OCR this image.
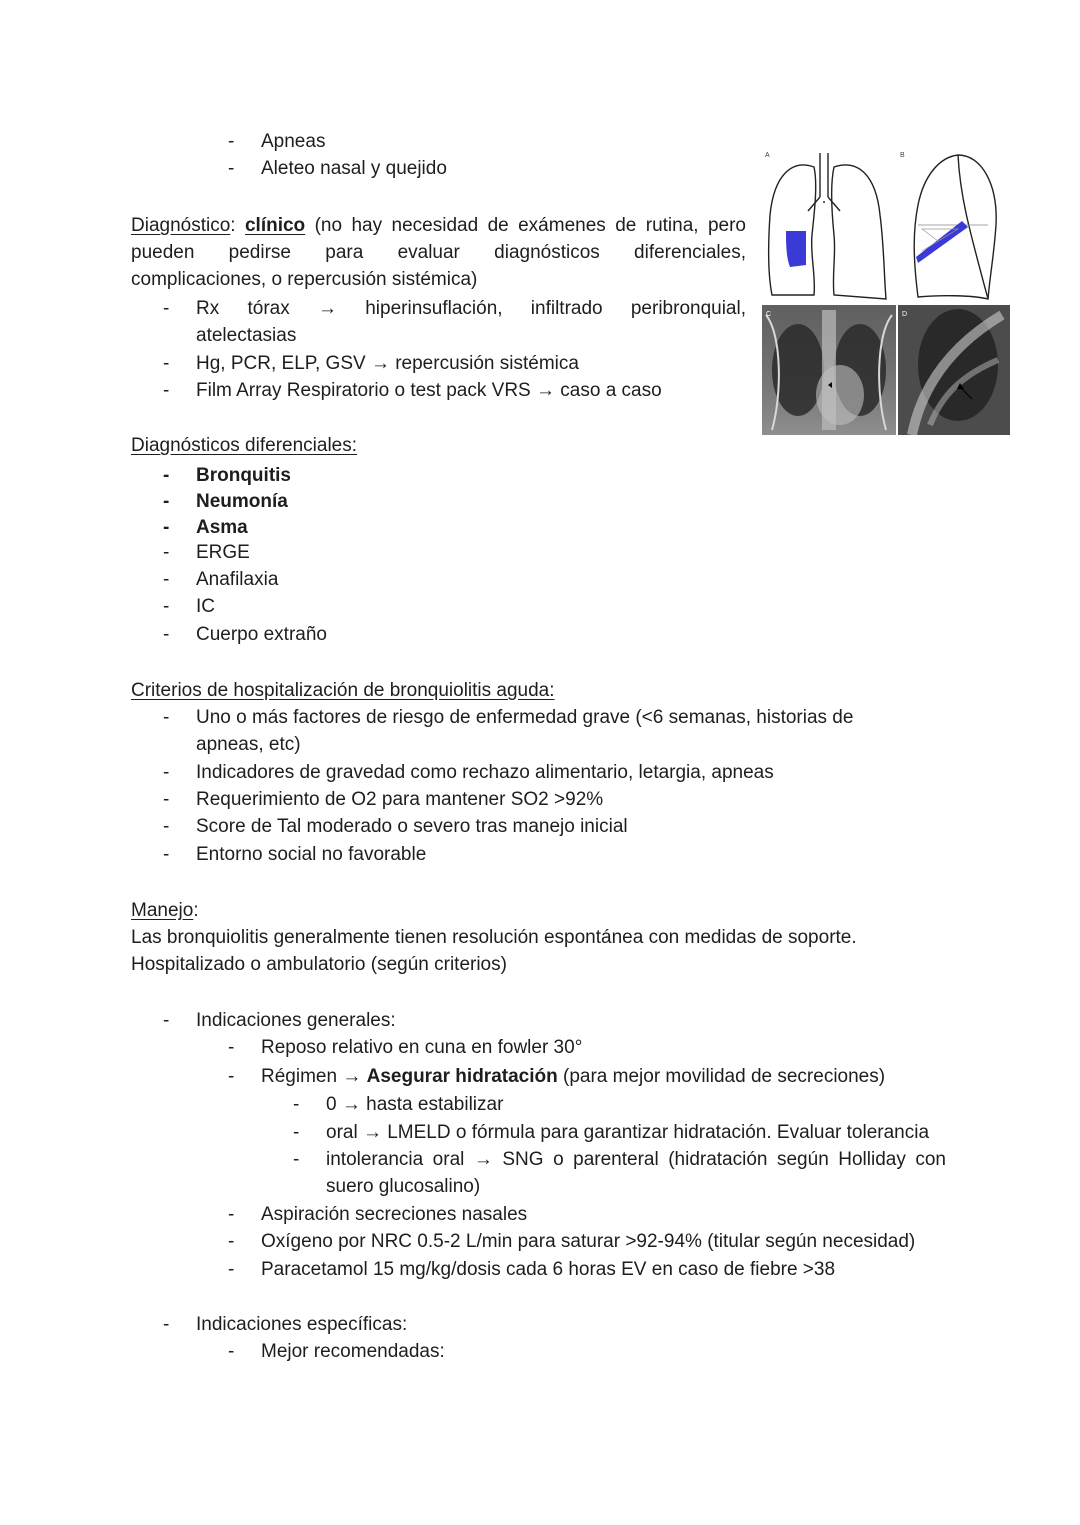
- Apneas
- Aleteo nasal y quejido
Diagnóstico: clínico (no hay necesidad de exámenes de rutina, pero
pueden pedirse para evaluar diagnósticos diferenciales,
complicaciones, o repercusión sistémica)
- Rx tórax → hiperinsuflación, infiltrado peribronquial,
atelectasias
- Hg, PCR, ELP, GSV → repercusión sistémica
- Film Array Respiratorio o test pack VRS → caso a caso
A	B
C	D
Diagnósticos diferenciales:
- Bronquitis
- Neumonía
- Asma
- ERGE
- Anafilaxia
- IC
- Cuerpo extraño
Criterios de hospitalización de bronquiolitis aguda:
- Uno o más factores de riesgo de enfermedad grave (<6 semanas, historias de
apneas, etc)
- Indicadores de gravedad como rechazo alimentario, letargia, apneas
- Requerimiento de O2 para mantener SO2 >92%
- Score de Tal moderado o severo tras manejo inicial
- Entorno social no favorable
Manejo:
Las bronquiolitis generalmente tienen resolución espontánea con medidas de soporte.
Hospitalizado o ambulatorio (según criterios)
- Indicaciones generales:
- Reposo relativo en cuna en fowler 30°
- Régimen → Asegurar hidratación (para mejor movilidad de secreciones)
- 0 → hasta estabilizar
- oral → LMELD o fórmula para garantizar hidratación. Evaluar tolerancia
- intolerancia oral → SNG o parenteral (hidratación según Holliday con
suero glucosalino)
- Aspiración secreciones nasales
- Oxígeno por NRC 0.5-2 L/min para saturar >92-94% (titular según necesidad)
- Paracetamol 15 mg/kg/dosis cada 6 horas EV en caso de fiebre >38
- Indicaciones específicas:
- Mejor recomendadas:
